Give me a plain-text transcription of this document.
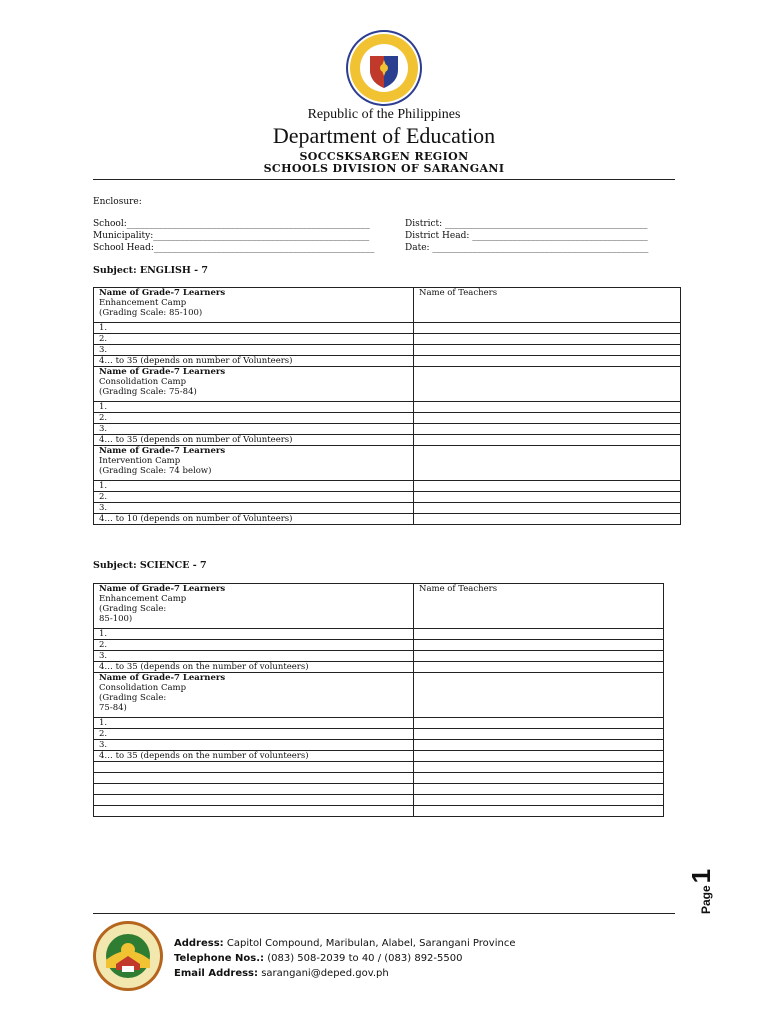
Republic of the Philippines
Department of Education
SOCCSKSARGEN REGION
SCHOOLS DIVISION OF SARANGANI
Enclosure:
School:______________________________________________________	District: _____________________________________________
Municipality:________________________________________________	District Head: _______________________________________
School Head:_________________________________________________	Date: ________________________________________________
Subject: ENGLISH - 7
Name of Grade-7 Learners
Enhancement Camp
(Grading Scale: 85-100)	Name of Teachers
1.	
2.	
3.	
4… to 35 (depends on number of Volunteers)	

Name of Grade-7 Learners
Consolidation Camp
(Grading Scale: 75-84)	

1.	
2.	
3.	
4… to 35 (depends on number of Volunteers)	

Name of Grade-7 Learners
Intervention Camp
(Grading Scale: 74 below)	

1.	
2.	
3.	
4… to 10 (depends on number of Volunteers)	
Subject: SCIENCE - 7
Name of Grade-7 Learners
Enhancement Camp
(Grading Scale:
85-100)	Name of Teachers
1.	
2.	
3.	
4… to 35 (depends on the number of volunteers)	

Name of Grade-7 Learners
Consolidation Camp
(Grading Scale:
75-84)	

1.	
2.	
3.	
4… to 35 (depends on the number of volunteers)	

Page1
Address: Capitol Compound, Maribulan, Alabel, Sarangani Province
Telephone Nos.: (083) 508-2039 to 40 / (083) 892-5500
Email Address: sarangani@deped.gov.ph
